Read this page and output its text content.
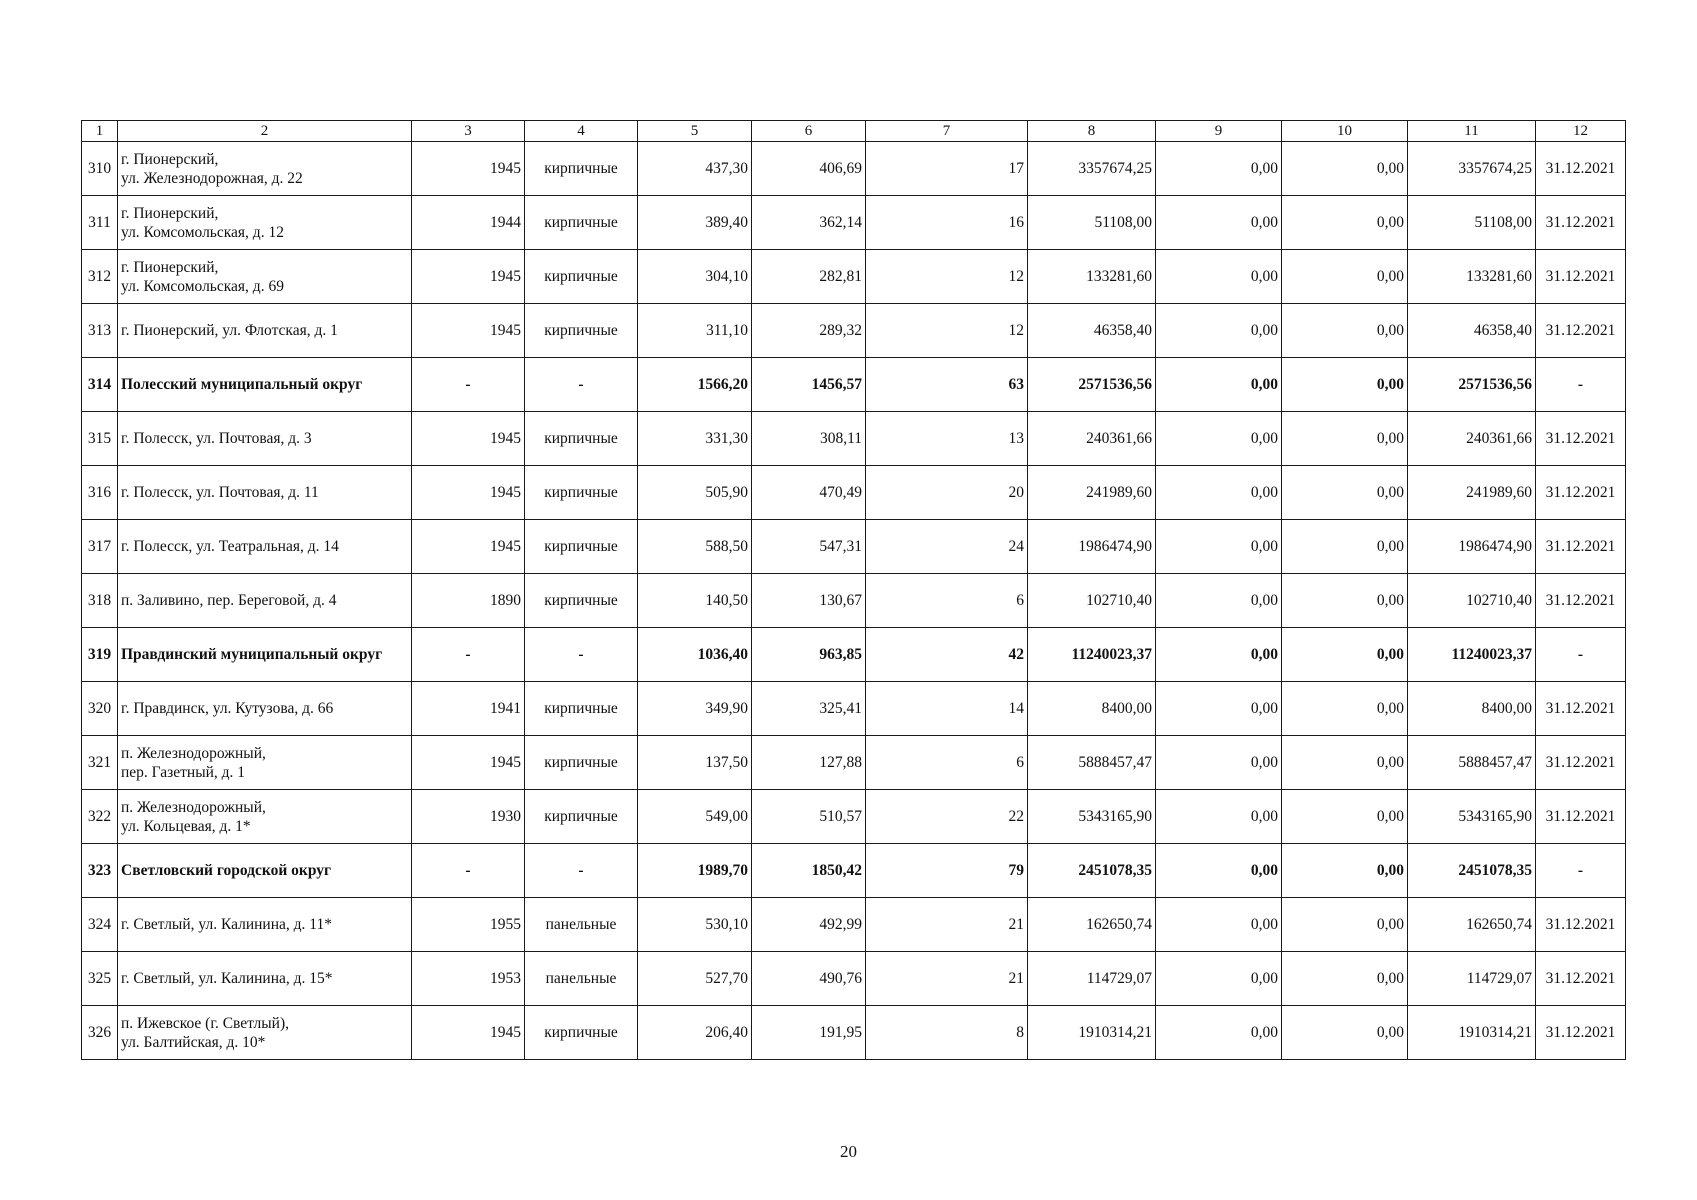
1	2	3	4	5	6	7	8	9	10	11	12
310	г. Пионерский,
ул. Железнодорожная, д. 22	1945	кирпичные	437,30	406,69	17	3357674,25	0,00	0,00	3357674,25	31.12.2021
311	г. Пионерский,
ул. Комсомольская, д. 12	1944	кирпичные	389,40	362,14	16	51108,00	0,00	0,00	51108,00	31.12.2021
312	г. Пионерский,
ул. Комсомольская, д. 69	1945	кирпичные	304,10	282,81	12	133281,60	0,00	0,00	133281,60	31.12.2021
313	г. Пионерский, ул. Флотская, д. 1	1945	кирпичные	311,10	289,32	12	46358,40	0,00	0,00	46358,40	31.12.2021
314	Полесский муниципальный округ	-	-	1566,20	1456,57	63	2571536,56	0,00	0,00	2571536,56	-
315	г. Полесск, ул. Почтовая, д. 3	1945	кирпичные	331,30	308,11	13	240361,66	0,00	0,00	240361,66	31.12.2021
316	г. Полесск, ул. Почтовая, д. 11	1945	кирпичные	505,90	470,49	20	241989,60	0,00	0,00	241989,60	31.12.2021
317	г. Полесск, ул. Театральная, д. 14	1945	кирпичные	588,50	547,31	24	1986474,90	0,00	0,00	1986474,90	31.12.2021
318	п. Заливино, пер. Береговой, д. 4	1890	кирпичные	140,50	130,67	6	102710,40	0,00	0,00	102710,40	31.12.2021
319	Правдинский муниципальный округ	-	-	1036,40	963,85	42	11240023,37	0,00	0,00	11240023,37	-
320	г. Правдинск, ул. Кутузова, д. 66	1941	кирпичные	349,90	325,41	14	8400,00	0,00	0,00	8400,00	31.12.2021
321	п. Железнодорожный,
пер. Газетный, д. 1	1945	кирпичные	137,50	127,88	6	5888457,47	0,00	0,00	5888457,47	31.12.2021
322	п. Железнодорожный,
ул. Кольцевая, д. 1*	1930	кирпичные	549,00	510,57	22	5343165,90	0,00	0,00	5343165,90	31.12.2021
323	Светловский городской округ	-	-	1989,70	1850,42	79	2451078,35	0,00	0,00	2451078,35	-
324	г. Светлый, ул. Калинина, д. 11*	1955	панельные	530,10	492,99	21	162650,74	0,00	0,00	162650,74	31.12.2021
325	г. Светлый, ул. Калинина, д. 15*	1953	панельные	527,70	490,76	21	114729,07	0,00	0,00	114729,07	31.12.2021
326	п. Ижевское (г. Светлый),
ул. Балтийская, д. 10*	1945	кирпичные	206,40	191,95	8	1910314,21	0,00	0,00	1910314,21	31.12.2021
20
